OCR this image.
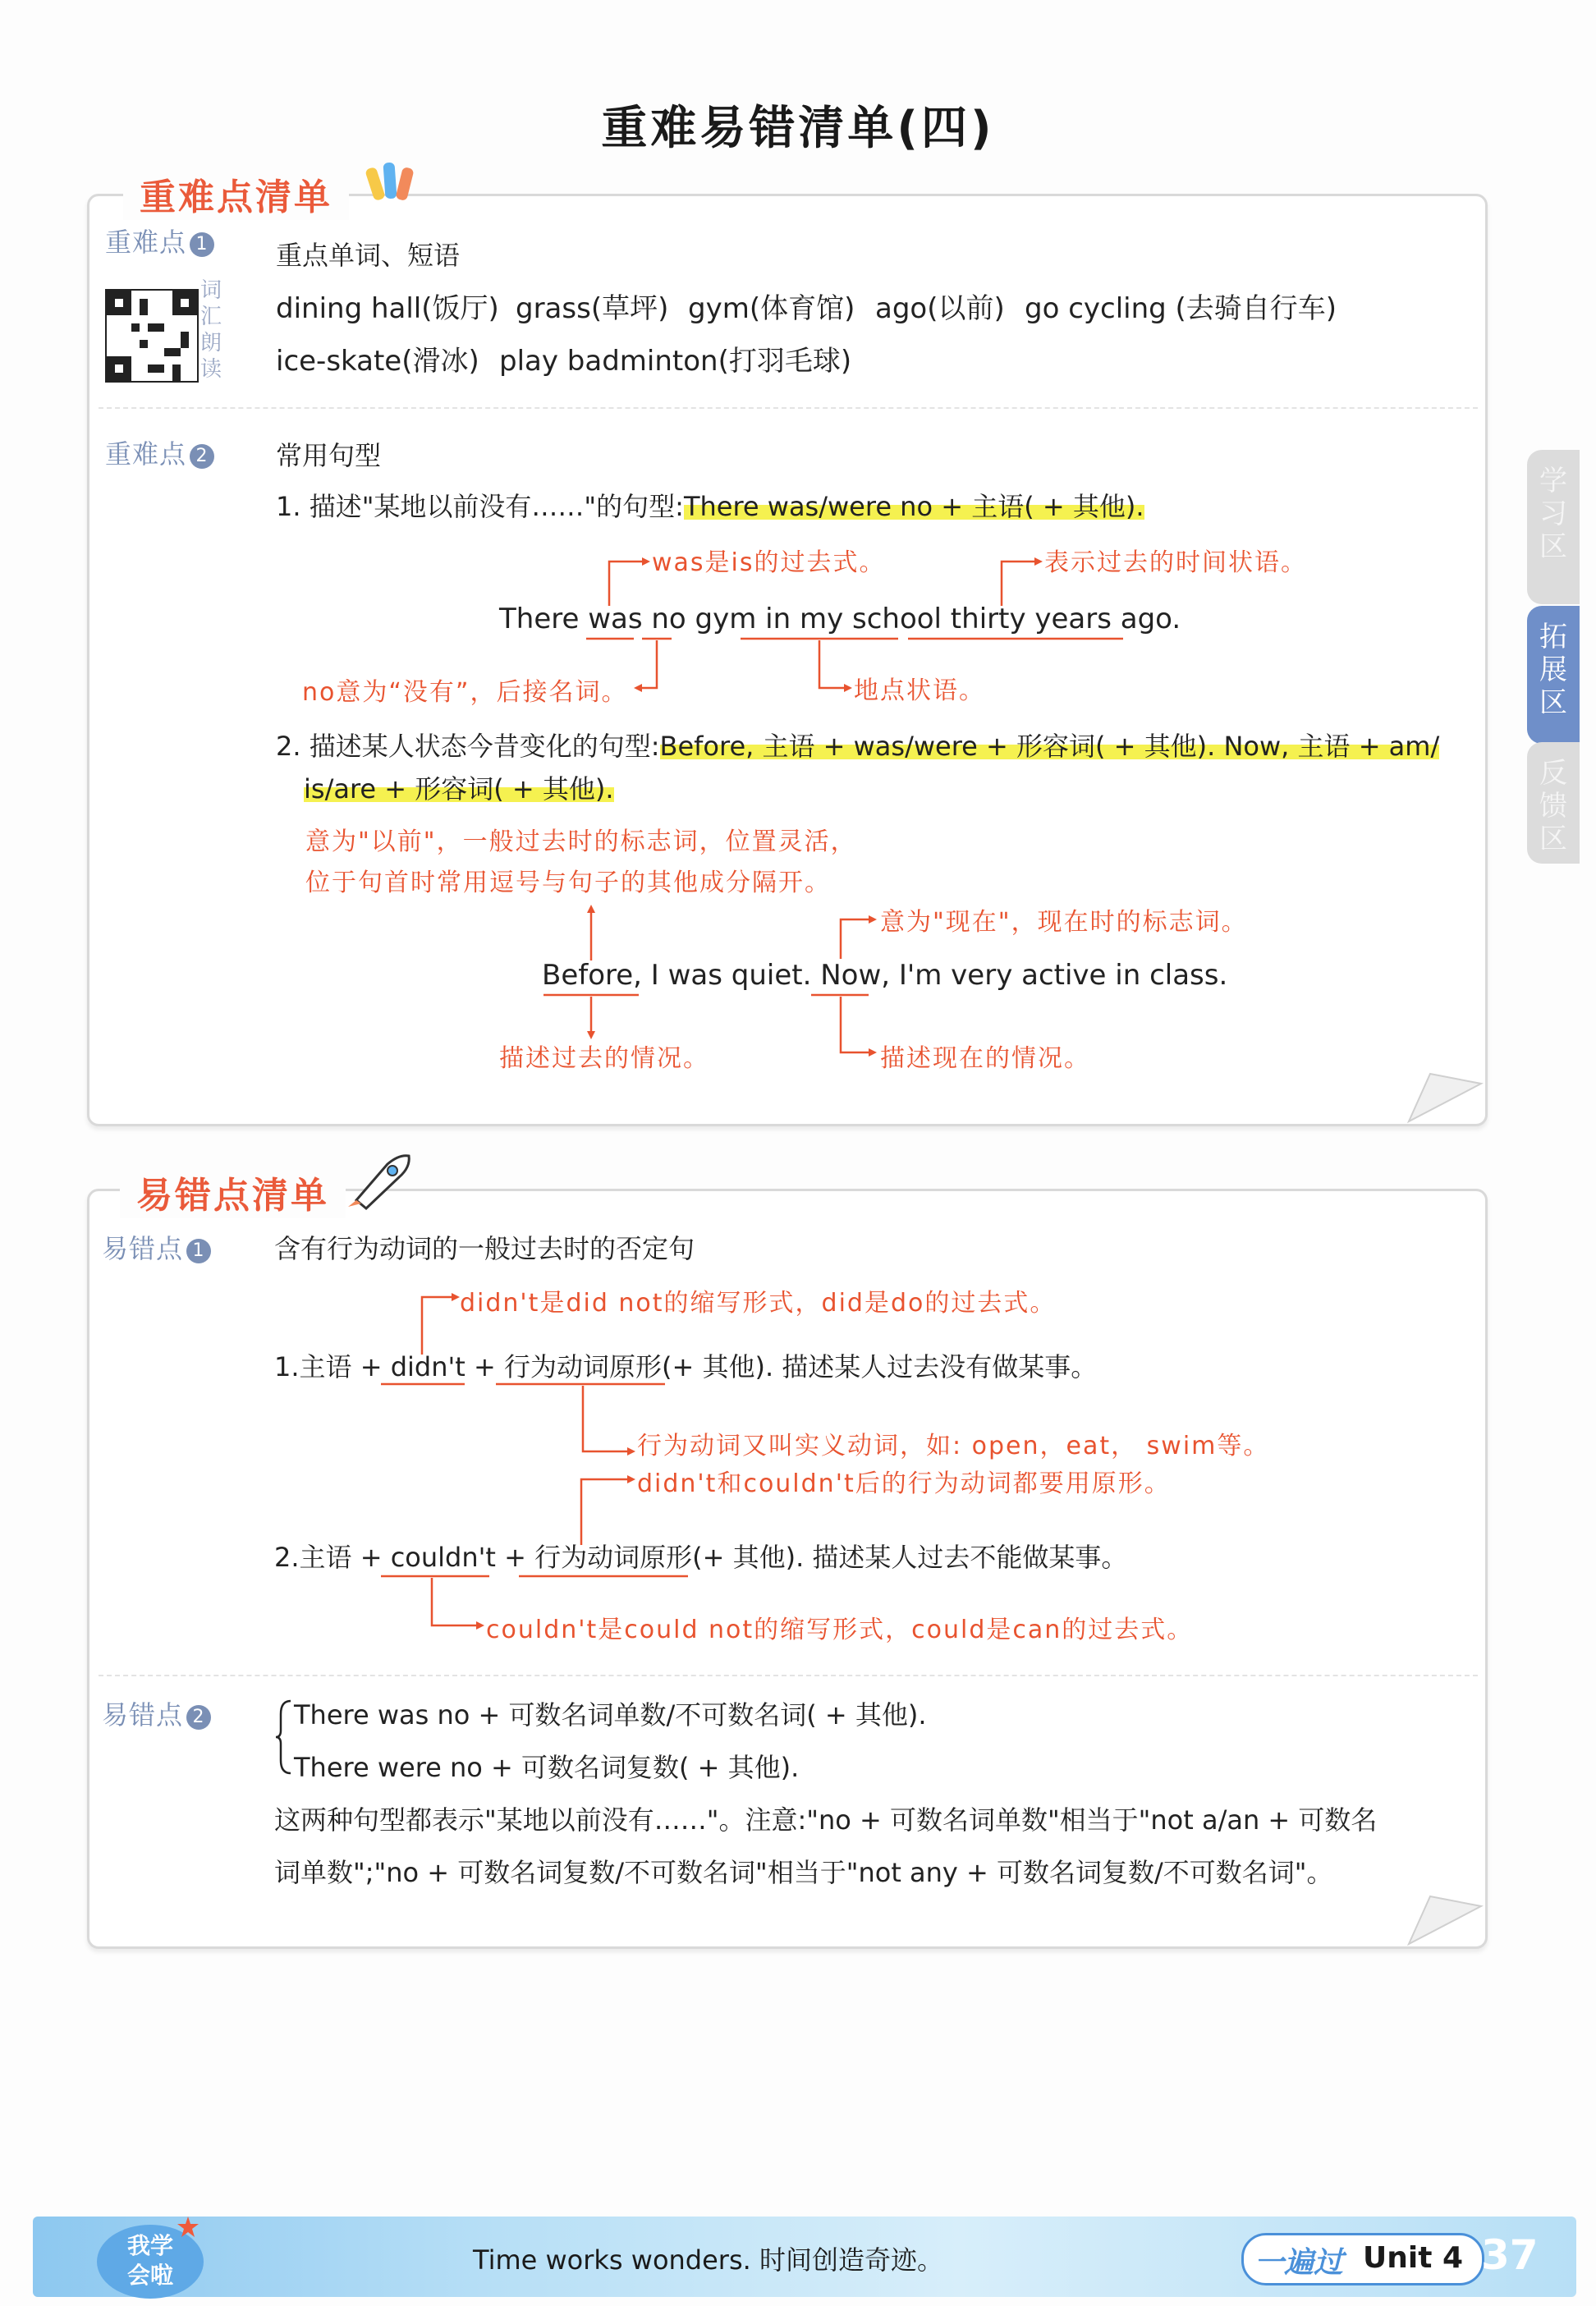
重难易错清单(四)
重难点清单
重难点 1
词汇朗读
重点单词、短语
dining hall(饭厅) grass(草坪) gym(体育馆) ago(以前) go cycling (去骑自行车)
ice-skate(滑冰) play badminton(打羽毛球)
重难点 2	常用句型
1. 描述"某地以前没有……"的句型:There was/were no + 主语( + 其他).
was是is的过去式。	表示过去的时间状语。
There was no gym in my school thirty years ago.
no意为“没有”，后接名词。	地点状语。
2. 描述某人状态今昔变化的句型:Before, 主语 + was/were + 形容词( + 其他). Now, 主语 + am/
is/are + 形容词( + 其他).
意为"以前"，一般过去时的标志词，位置灵活，
位于句首时常用逗号与句子的其他成分隔开。
意为"现在"，现在时的标志词。
Before, I was quiet. Now, I'm very active in class.
描述过去的情况。	描述现在的情况。
易错点清单
易错点 1	含有行为动词的一般过去时的否定句
didn't是did not的缩写形式，did是do的过去式。
1.主语 + didn't + 行为动词原形(+ 其他). 描述某人过去没有做某事。
行为动词又叫实义动词，如: open，eat， swim等。
didn't和couldn't后的行为动词都要用原形。
2.主语 + couldn't + 行为动词原形(+ 其他). 描述某人过去不能做某事。
couldn't是could not的缩写形式，could是can的过去式。
易错点 2	There was no + 可数名词单数/不可数名词( + 其他).
There were no + 可数名词复数( + 其他).
这两种句型都表示"某地以前没有……"。注意:"no + 可数名词单数"相当于"not a/an + 可数名
词单数";"no + 可数名词复数/不可数名词"相当于"not any + 可数名词复数/不可数名词"。
学习区
拓展区
反馈区
我学会啦	Time works wonders. 时间创造奇迹。	一遍过 Unit 4 37
